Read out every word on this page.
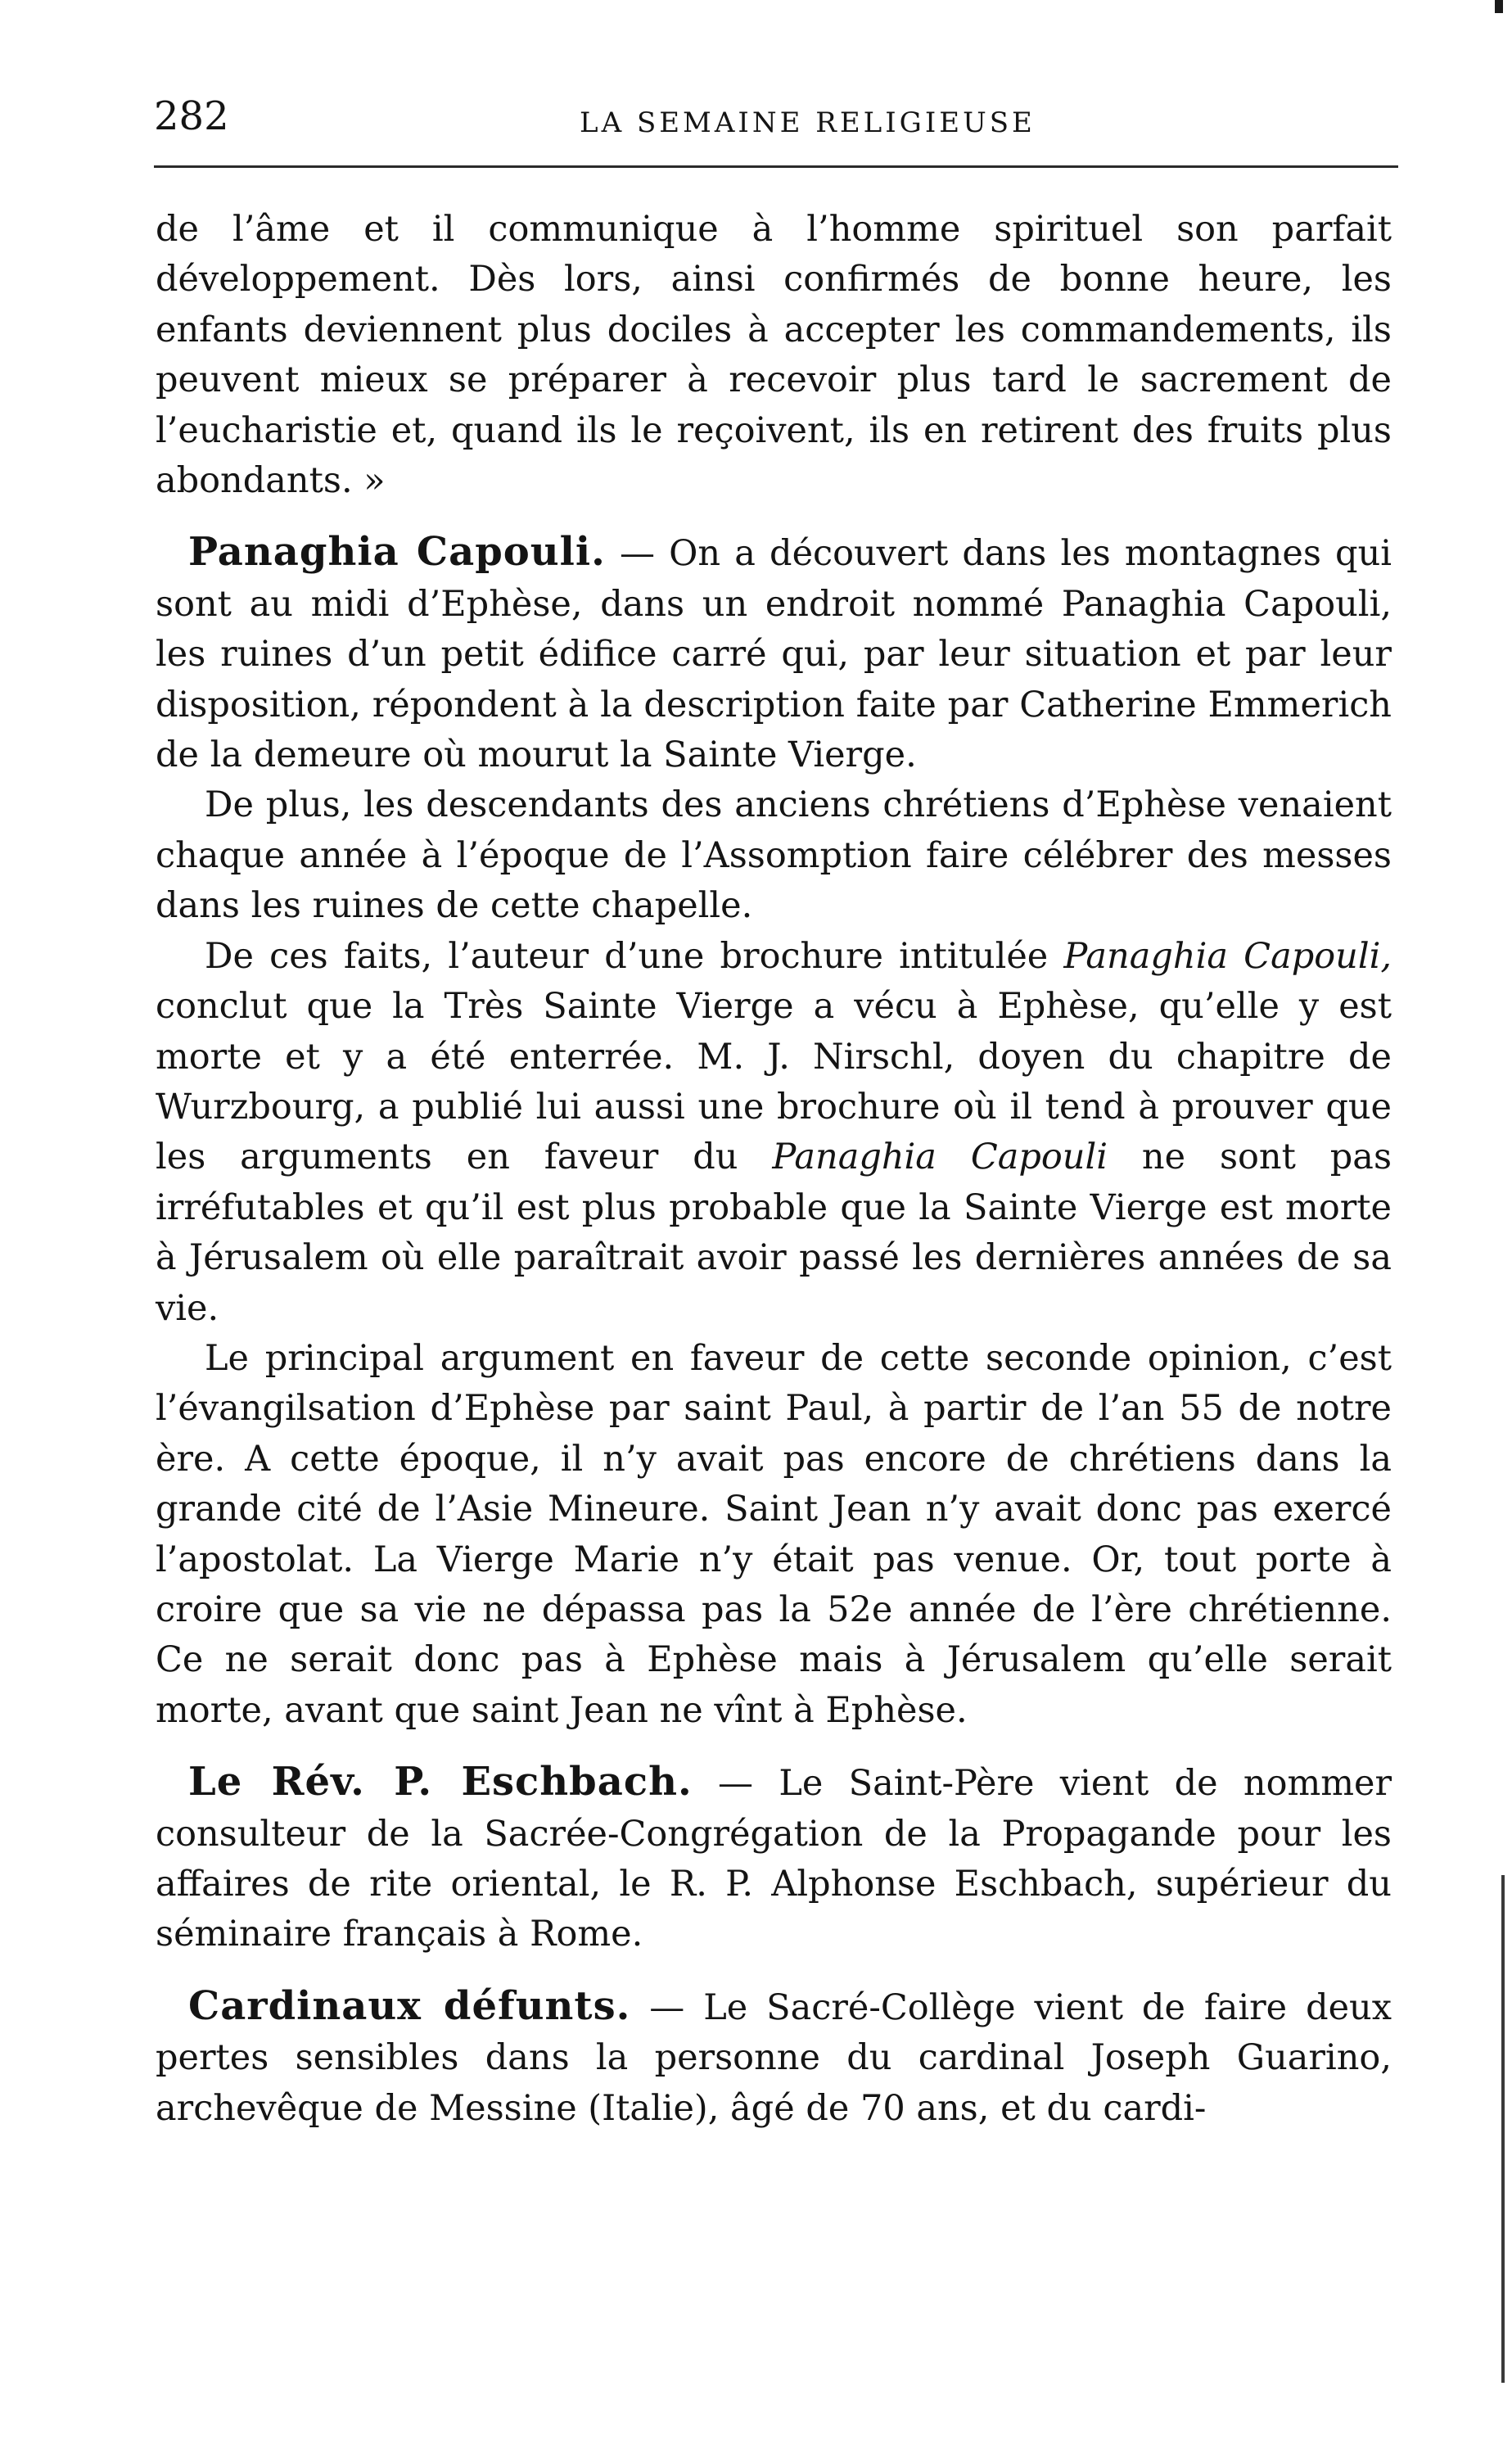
282	LA SEMAINE RELIGIEUSE

de l’âme et il communique à l’homme spirituel son parfait développement. Dès lors, ainsi confirmés de bonne heure, les enfants deviennent plus dociles à accepter les commandements, ils peuvent mieux se préparer à recevoir plus tard le sacrement de l’eucharistie et, quand ils le reçoivent, ils en retirent des fruits plus abondants. »

Panaghia Capouli. — On a découvert dans les montagnes qui sont au midi d’Ephèse, dans un endroit nommé Panaghia Capouli, les ruines d’un petit édifice carré qui, par leur situation et par leur disposition, répondent à la description faite par Catherine Emmerich de la demeure où mourut la Sainte Vierge.

De plus, les descendants des anciens chrétiens d’Ephèse venaient chaque année à l’époque de l’Assomption faire célébrer des messes dans les ruines de cette chapelle.

De ces faits, l’auteur d’une brochure intitulée Panaghia Capouli, conclut que la Très Sainte Vierge a vécu à Ephèse, qu’elle y est morte et y a été enterrée. M. J. Nirschl, doyen du chapitre de Wurzbourg, a publié lui aussi une brochure où il tend à prouver que les arguments en faveur du Panaghia Capouli ne sont pas irréfutables et qu’il est plus probable que la Sainte Vierge est morte à Jérusalem où elle paraîtrait avoir passé les dernières années de sa vie.

Le principal argument en faveur de cette seconde opinion, c’est l’évangilsation d’Ephèse par saint Paul, à partir de l’an 55 de notre ère. A cette époque, il n’y avait pas encore de chrétiens dans la grande cité de l’Asie Mineure. Saint Jean n’y avait donc pas exercé l’apostolat. La Vierge Marie n’y était pas venue. Or, tout porte à croire que sa vie ne dépassa pas la 52e année de l’ère chrétienne. Ce ne serait donc pas à Ephèse mais à Jérusalem qu’elle serait morte, avant que saint Jean ne vînt à Ephèse.

Le Rév. P. Eschbach. — Le Saint-Père vient de nommer consulteur de la Sacrée-Congrégation de la Propagande pour les affaires de rite oriental, le R. P. Alphonse Eschbach, supérieur du séminaire français à Rome.

Cardinaux défunts. — Le Sacré-Collège vient de faire deux pertes sensibles dans la personne du cardinal Joseph Guarino, archevêque de Messine (Italie), âgé de 70 ans, et du cardi-
